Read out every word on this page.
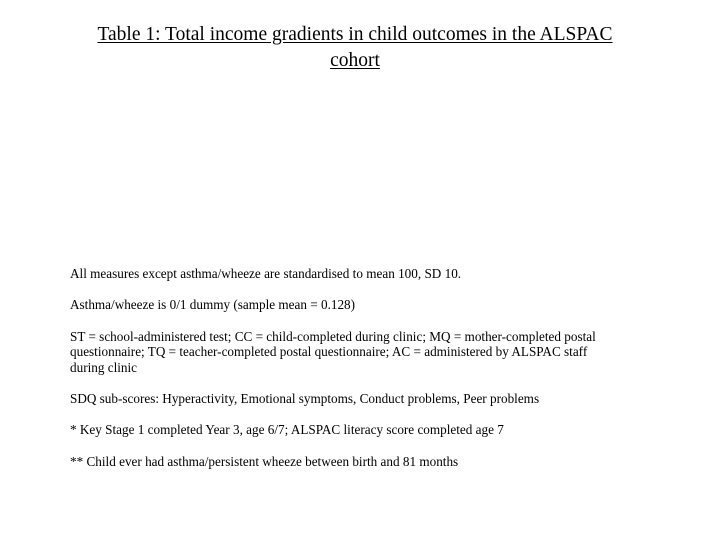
Table 1: Total income gradients in child outcomes in the ALSPAC
cohort

All measures except asthma/wheeze are standardised to mean 100, SD 10.

Asthma/wheeze is 0/1 dummy (sample mean = 0.128)

ST = school-administered test; CC = child-completed during clinic; MQ = mother-completed postal questionnaire; TQ = teacher-completed postal questionnaire; AC = administered by ALSPAC staff during clinic

SDQ sub-scores: Hyperactivity, Emotional symptoms, Conduct problems, Peer problems

* Key Stage 1 completed Year 3, age 6/7; ALSPAC literacy score completed age 7

** Child ever had asthma/persistent wheeze between birth and 81 months
